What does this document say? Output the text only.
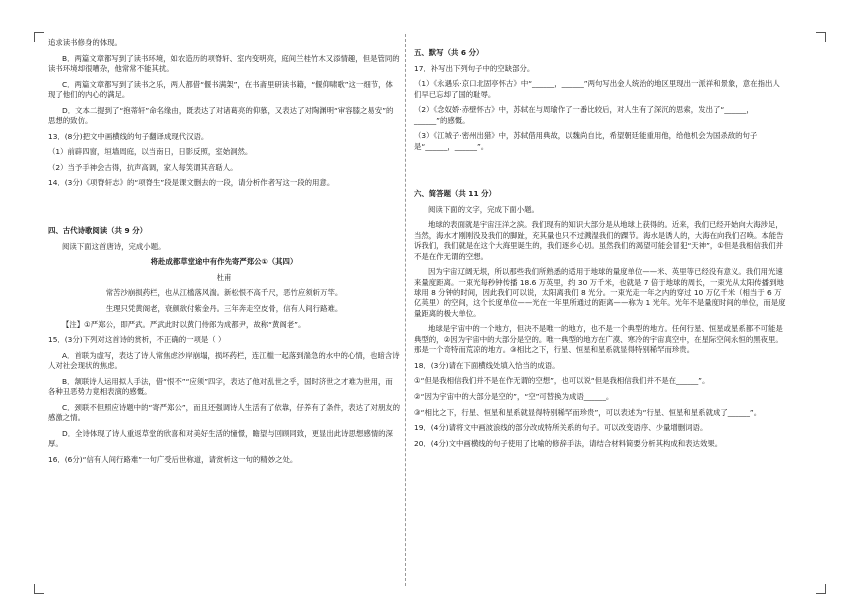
追求读书修身的体现。

B．两篇文章都写到了读书环境，如农造历的项脊轩、室内变明亮，庭间兰桂竹木又添情趣，但是管同的读书环境却很嘈杂，他常常不能其扰。

C．两篇文章都写到了读书之乐，两人都借“偃书满架”，在书斋里研读书籍，“偃仰啸歌”这一细节，体现了他们的内心的满足。

D．文本二提到了“抱蒂轩”命名缘由，既表达了对诸葛亮的仰慕，又表达了对陶渊明“审容膝之易安”的思想的致仿。

13．(8分)把文中画横线的句子翻译成现代汉语。

（1）前辟四窗，垣墙周庭，以当南日，日影反照，室始洞然。

（2）当予手神会古得，抗声高调，家人每笑谓其音聒人。

14．(3分)《项脊轩志》的“项脊生”段是课文删去的一段，请分析作者写这一段的用意。

四、古代诗歌阅读（共 9 分）

阅读下面这首唐诗，完成小题。

将赴成都草堂途中有作先寄严郑公①（其四）

杜甫

常苦沙崩损药栏，也从江槛落风湍。新松恨不高千尺，恶竹应须斩万竿。

生理只凭黄阁老，衰颜欲付紫金丹。三年奔走空皮骨，信有人间行路难。

【注】①严郑公，即严武。严武此时以黄门侍郎为成都尹，故称“黄阁老”。

15．(3分)下列对这首诗的赏析，不正确的一项是（ ）

A．首联为虚写，表达了诗人常焦虑沙岸崩塌，损坏药栏，连江槛一起落到湍急的水中的心情，也暗含诗人对社会现状的焦虑。

B．颔联诗人运用拟人手法，借“恨不”“应须”四字，表达了他对乱世之乎，国时济世之才难为世用，而各种丑恶势力竟相表演的感慨。

C．颈联不但照应诗题中的“寄严郑公”，而且还强调诗人生活有了依靠，仔养有了条件，表达了对朋友的感激之情。

D．全诗体现了诗人重返草堂的欣喜和对美好生活的憧憬，瞻望与回顾同致，更显出此诗思想感情的深厚。

16．(6分)“信有人间行路难”一句广受后世称道，请赏析这一句的精妙之处。

五、默写（共 6 分）

17．补写出下列句子中的空缺部分。

（1）《永遇乐·京口北固亭怀古》中“______，______”两句写出金人统治的地区里现出一派祥和景象，意在指出人们早已忘却了国的耻辱。

（2）《念奴娇·赤壁怀古》中，苏轼在与周瑜作了一番比较后，对人生有了深沉的思索，发出了“______，______”的感慨。

（3）《江城子·密州出猎》中，苏轼借用典故，以魏尚自比，希望朝廷能重用他，给他机会为国杀敌的句子是“______，______”。

六、简答题（共 11 分）

阅读下面的文字，完成下面小题。

地球的表面就是宇宙汪洋之滨。我们现有的知识大部分是从地球上获得的。近来，我们已经开始向大海涉足，当然，海水才刚刚没及我们的脚趾，充其量也只不过溅湿我们的踝节。海水是诱人的，大海在向我们召唤。本能告诉我们，我们就是在这个大海里诞生的，我们逐乡心切。虽然我们的渴望可能会冒犯“天神”，①但是我相信我们并不是在作无谓的空想。

因为宇宙辽阔无垠，所以那些我们所熟悉的适用于地球的量度单位——米、英里等已经没有意义。我们用光速来量度距离。一束光每秒钟传播 18.6 万英里，约 30 万千米，也就是 7 倍于地球的周长，一束光从太阳传播到地球用 8 分钟的时间，因此我们可以说，太阳离我们 8 光分。一束光走一年之内的穿过 10 万亿千米（相当于 6 万亿英里）的空间，这个长度单位——光在一年里所通过的距离——称为 1 光年。光年不是量度时间的单位，而是度量距离的极大单位。

地球是宇宙中的一个地方，但决不是唯一的地方，也不是一个典型的地方。任何行星、恒星或星系都不可能是典型的，②因为宇宙中的大部分是空的。唯一典型的地方在广漠、寒冷的宇宙真空中，在星际空间永恒的黑夜里。那是一个奇特而荒凉的地方。③相比之下，行星、恒星和星系就显得特别稀罕而珍贵。

18．(3分)请在下面横线处填入恰当的成语。

①“但是我相信我们并不是在作无谓的空想”，也可以说“但是我相信我们并不是在______”。

②“因为宇宙中的大部分是空的”，“空”可替换为成语______。

③“相比之下，行星、恒星和星系就显得特别稀罕而珍贵”，可以表述为“行星、恒星和星系就成了______”。

19．(4分)请将文中画波浪线的部分改成特所关系的句子。可以改变语序、少量增删词语。

20．(4分)文中画横线的句子使用了比喻的修辞手法，请结合材料简要分析其构成和表达效果。
